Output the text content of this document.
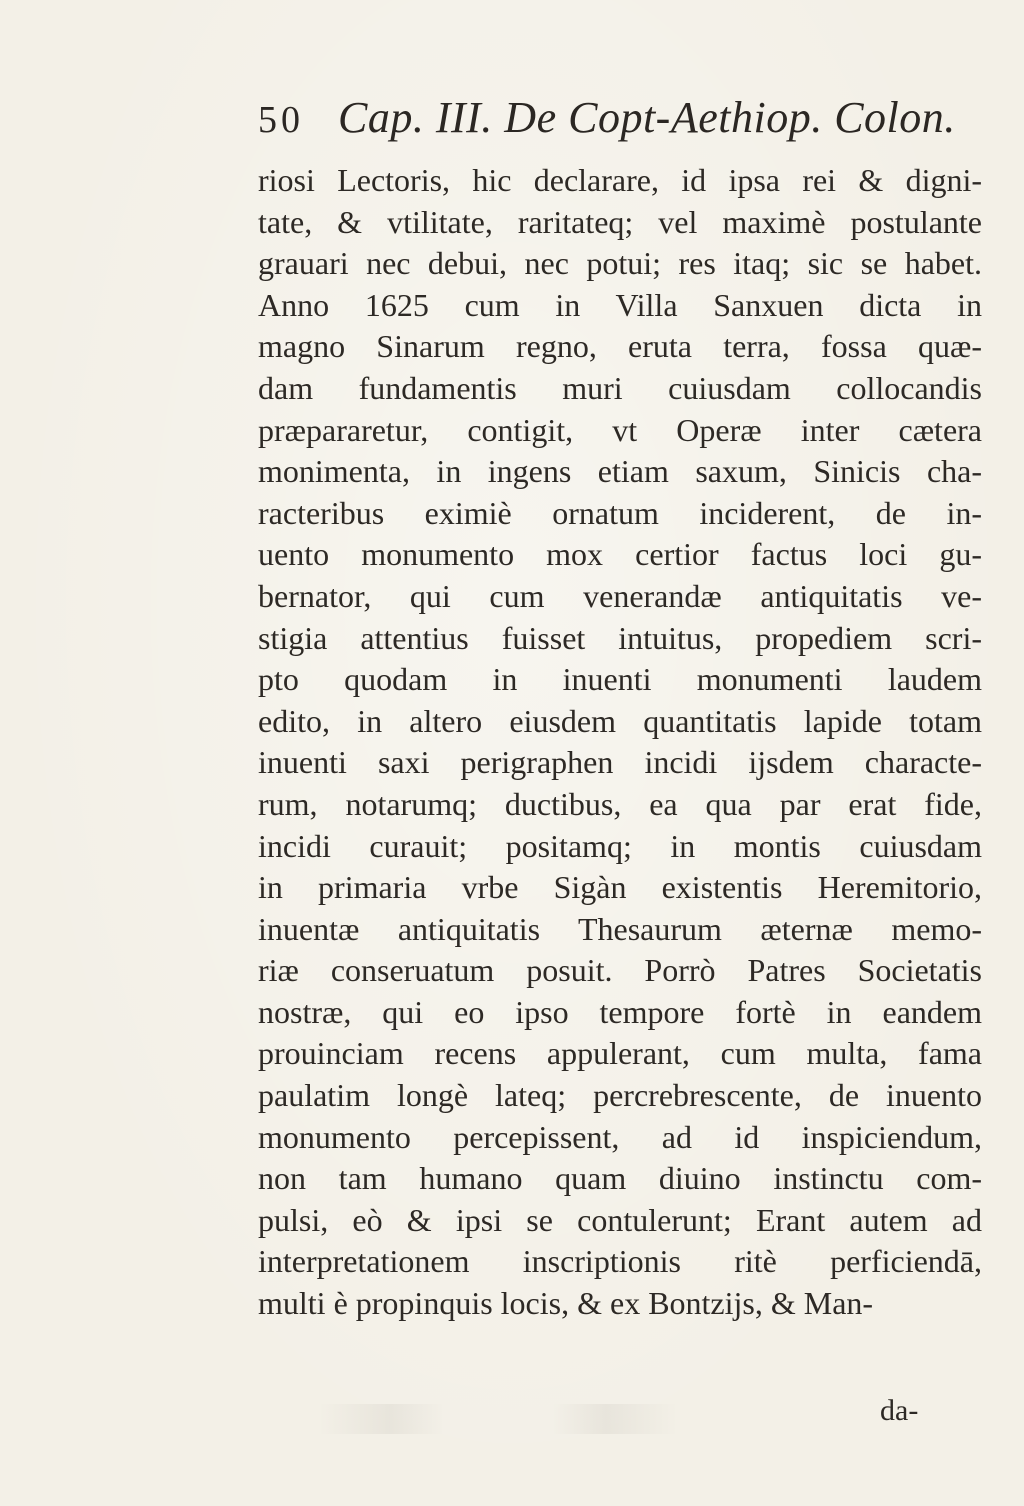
50 Cap. III. De Copt-Aethiop. Colon.
riosi Lectoris, hic declarare, id ipsa rei & digni-
tate, & vtilitate, raritateq; vel maximè postulante
grauari nec debui, nec potui; res itaq; sic se habet.
Anno 1625 cum in Villa Sanxuen dicta in
magno Sinarum regno, eruta terra, fossa quæ-
dam fundamentis muri cuiusdam collocandis
præpararetur, contigit, vt Operæ inter cætera
monimenta, in ingens etiam saxum, Sinicis cha-
racteribus eximiè ornatum inciderent, de in-
uento monumento mox certior factus loci gu-
bernator, qui cum venerandæ antiquitatis ve-
stigia attentius fuisset intuitus, propediem scri-
pto quodam in inuenti monumenti laudem
edito, in altero eiusdem quantitatis lapide totam
inuenti saxi perigraphen incidi ijsdem characte-
rum, notarumq; ductibus, ea qua par erat fide,
incidi curauit; positamq; in montis cuiusdam
in primaria vrbe Sigàn existentis Heremitorio,
inuentæ antiquitatis Thesaurum æternæ memo-
riæ conseruatum posuit. Porrò Patres Societatis
nostræ, qui eo ipso tempore fortè in eandem
prouinciam recens appulerant, cum multa, fama
paulatim longè lateq; percrebrescente, de inuento
monumento percepissent, ad id inspiciendum,
non tam humano quam diuino instinctu com-
pulsi, eò & ipsi se contulerunt; Erant autem ad
interpretationem inscriptionis ritè perficiendā,
multi è propinquis locis, & ex Bontzijs, & Man-
da-
